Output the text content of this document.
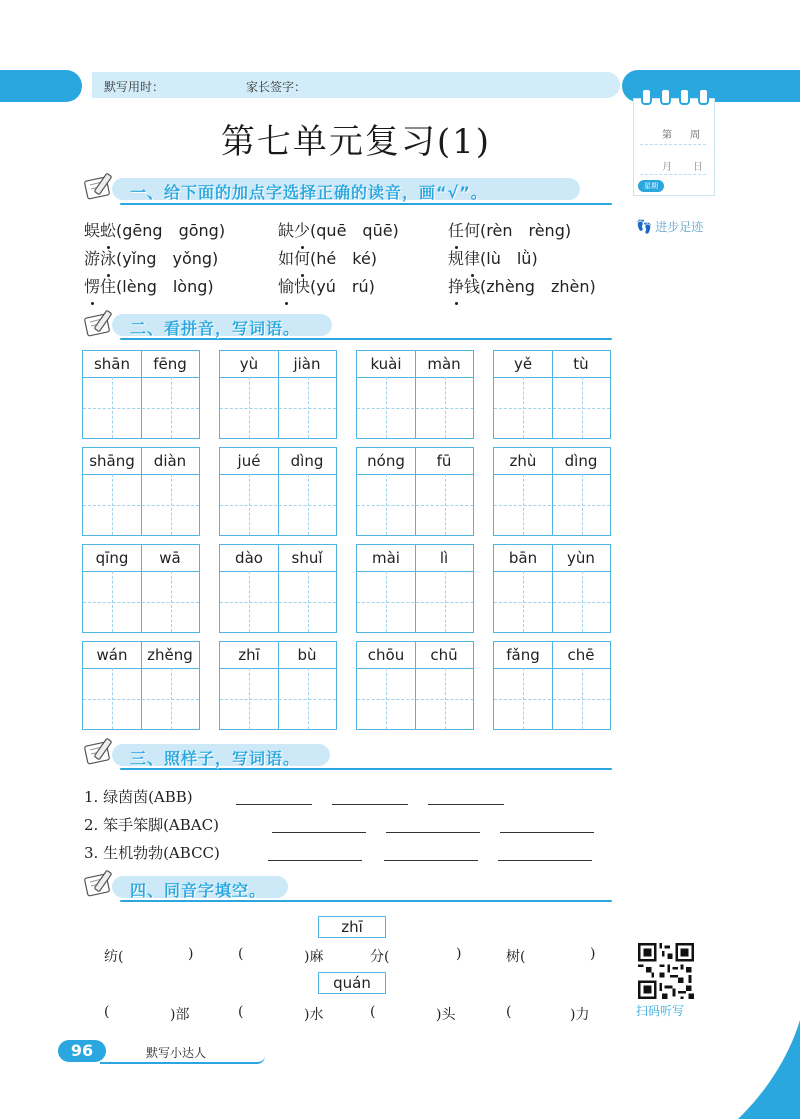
默写用时：	家长签字：
第 周
月 日
星期
👣 进步足迹
第七单元复习(1)
一、给下面的加点字选择正确的读音，画“√”。
蜈蚣(gēng　gōng)	缺少(quē　qūē)	任何(rèn　rèng)
游泳(yǐng　yǒng)	如何(hé　ké)	规律(lù　lǜ)
愣住(lèng　lòng)	愉快(yú　rú)	挣钱(zhèng　zhèn)
二、看拼音，写词语。
shān	fēng	yù	jiàn	kuài	màn	yě	tù
shāng	diàn	jué	dìng	nóng	fū	zhù	dìng
qīng	wā	dào	shuǐ	mài	lì	bān	yùn
wán	zhěng	zhī	bù	chōu	chū	fǎng	chē
三、照样子，写词语。
1. 绿茵茵(ABB)
2. 笨手笨脚(ABAC)
3. 生机勃勃(ABCC)
四、同音字填空。
zhī
纺(	)	(	)麻	分(	)	树(	)
quán
(	)部	(	)水	(	)头	(	)力	扫码听写
96	默写小达人
